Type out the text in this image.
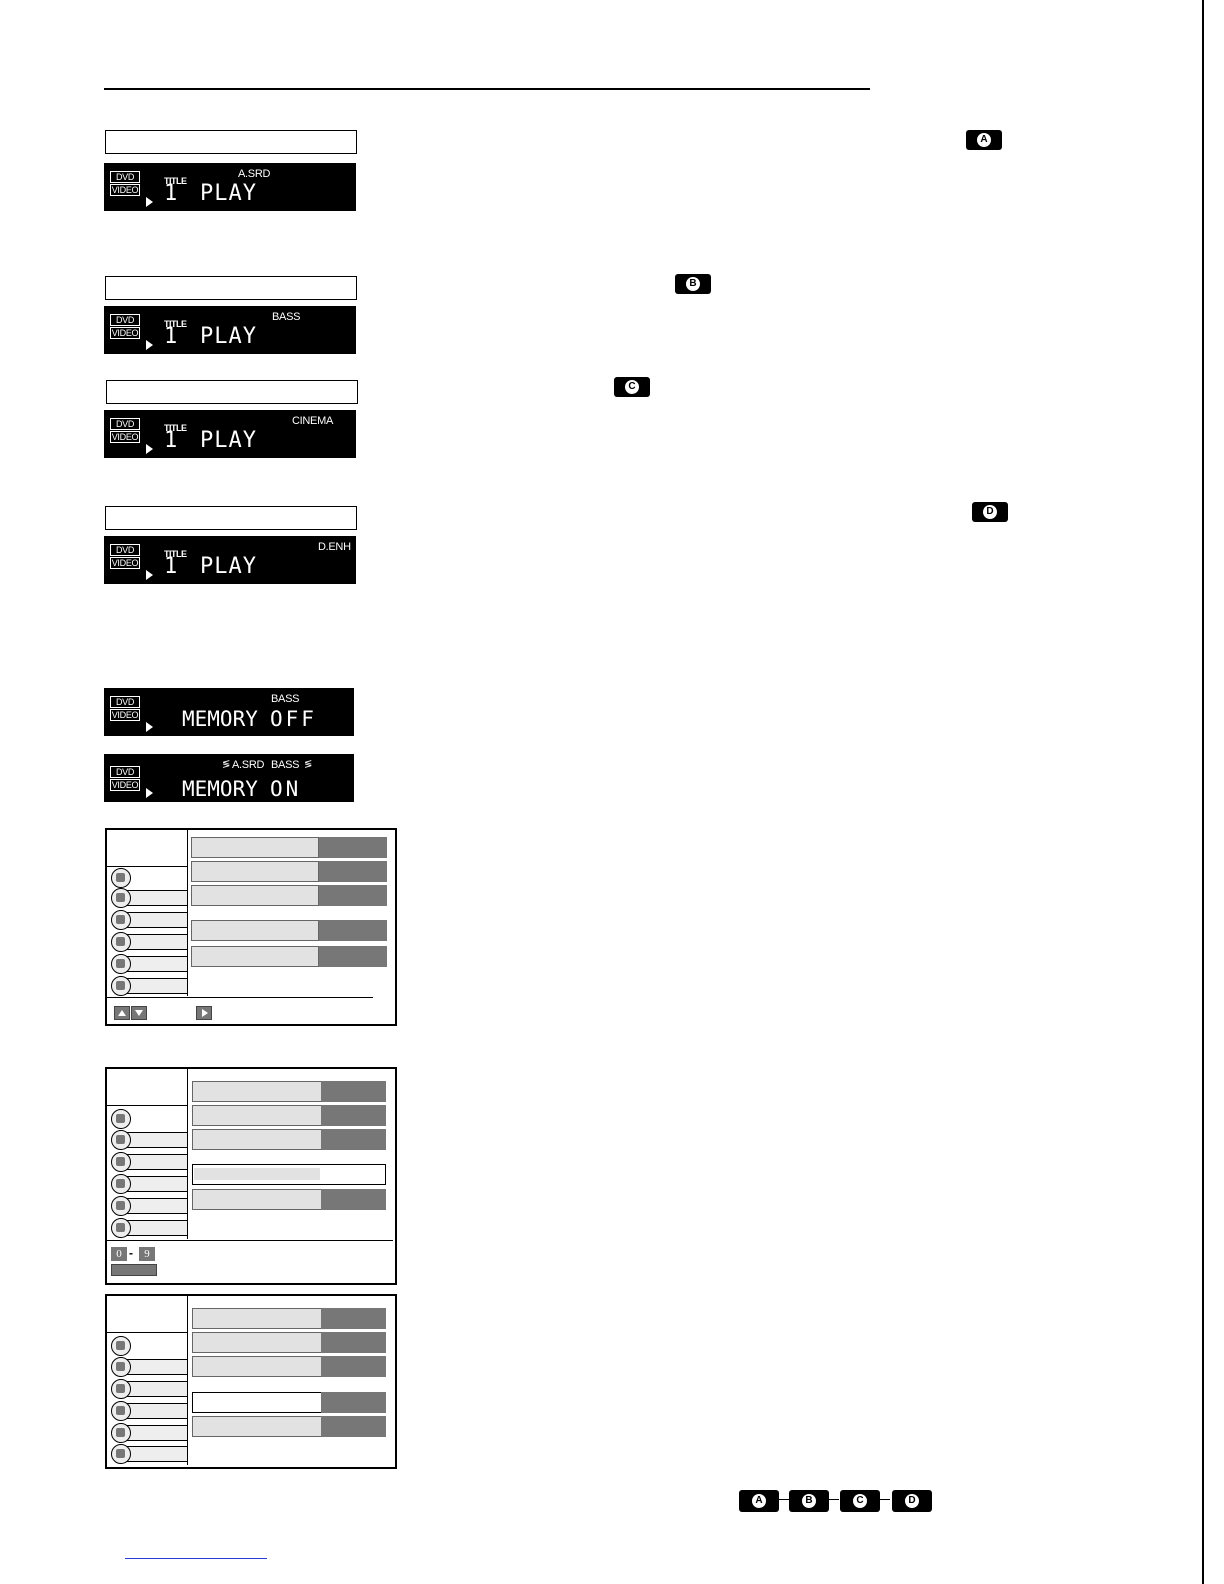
DVD
VIDEO
TITLE
1 PLAY
A.SRD
DVD
VIDEO
TITLE
1 PLAY
BASS
DVD
VIDEO
TITLE
1 PLAY
CINEMA
DVD
VIDEO
TITLE
1 PLAY
D.ENH
DVD
VIDEO
BASS
MEMORY OFF
DVD
VIDEO
≶ A.SRD BASS ≶
MEMORY ON
A
B
C
D
0 -	9
A	B	C	D
